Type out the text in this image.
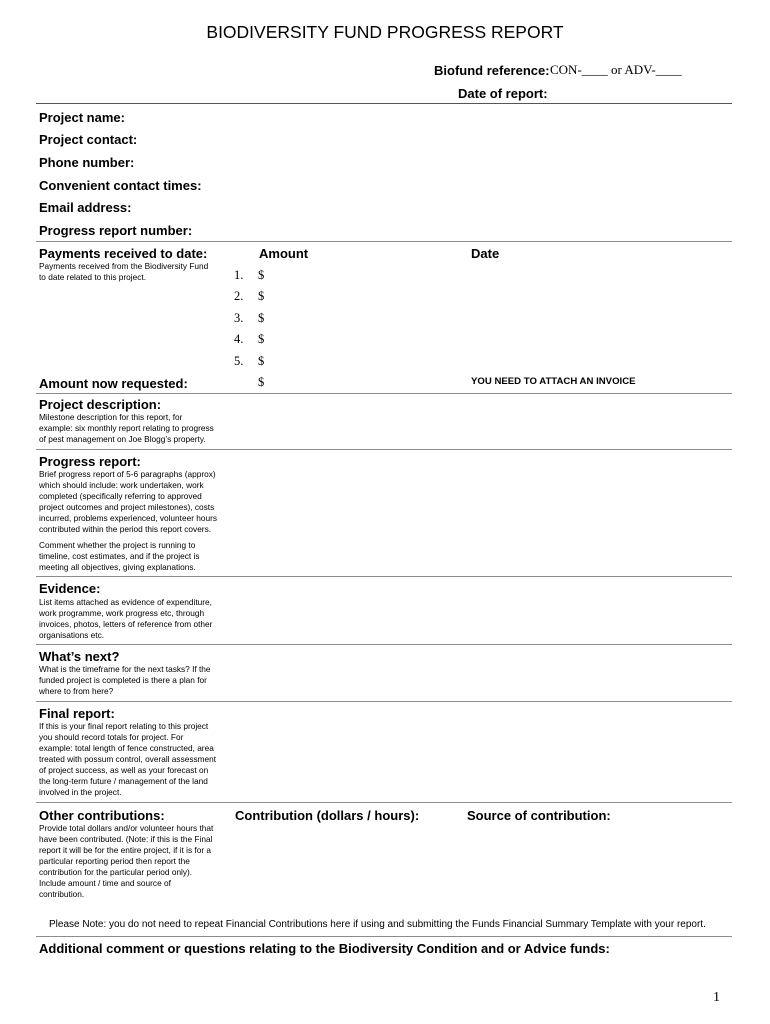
BIODIVERSITY FUND PROGRESS REPORT
Biofund reference: CON-____ or ADV-____
Date of report:
Project name:
Project contact:
Phone number:
Convenient contact times:
Email address:
Progress report number:
Payments received to date:
Payments received from the Biodiversity Fund
to date related to this project.
Amount	Date
1. $
2. $
3. $
4. $
5. $
Amount now requested:	$	YOU NEED TO ATTACH AN INVOICE
Project description:
Milestone description for this report, for
example: six monthly report relating to progress
of pest management on Joe Blogg’s property.
Progress report:
Brief progress report of 5-6 paragraphs (approx)
which should include: work undertaken, work
completed (specifically referring to approved
project outcomes and project milestones), costs
incurred, problems experienced, volunteer hours
contributed within the period this report covers.
Comment whether the project is running to
timeline, cost estimates, and if the project is
meeting all objectives, giving explanations.
Evidence:
List items attached as evidence of expenditure,
work programme, work progress etc, through
invoices, photos, letters of reference from other
organisations etc.
What’s next?
What is the timeframe for the next tasks? If the
funded project is completed is there a plan for
where to from here?
Final report:
If this is your final report relating to this project
you should record totals for project. For
example: total length of fence constructed, area
treated with possum control, overall assessment
of project success, as well as your forecast on
the long-term future / management of the land
involved in the project.
Other contributions:	Contribution (dollars / hours):	Source of contribution:
Provide total dollars and/or volunteer hours that
have been contributed. (Note: if this is the Final
report it will be for the entire project, if it is for a
particular reporting period then report the
contribution for the particular period only).
Include amount / time and source of
contribution.
Please Note: you do not need to repeat Financial Contributions here if using and submitting the Funds Financial Summary Template with your report.
Additional comment or questions relating to the Biodiversity Condition and or Advice funds:
1
